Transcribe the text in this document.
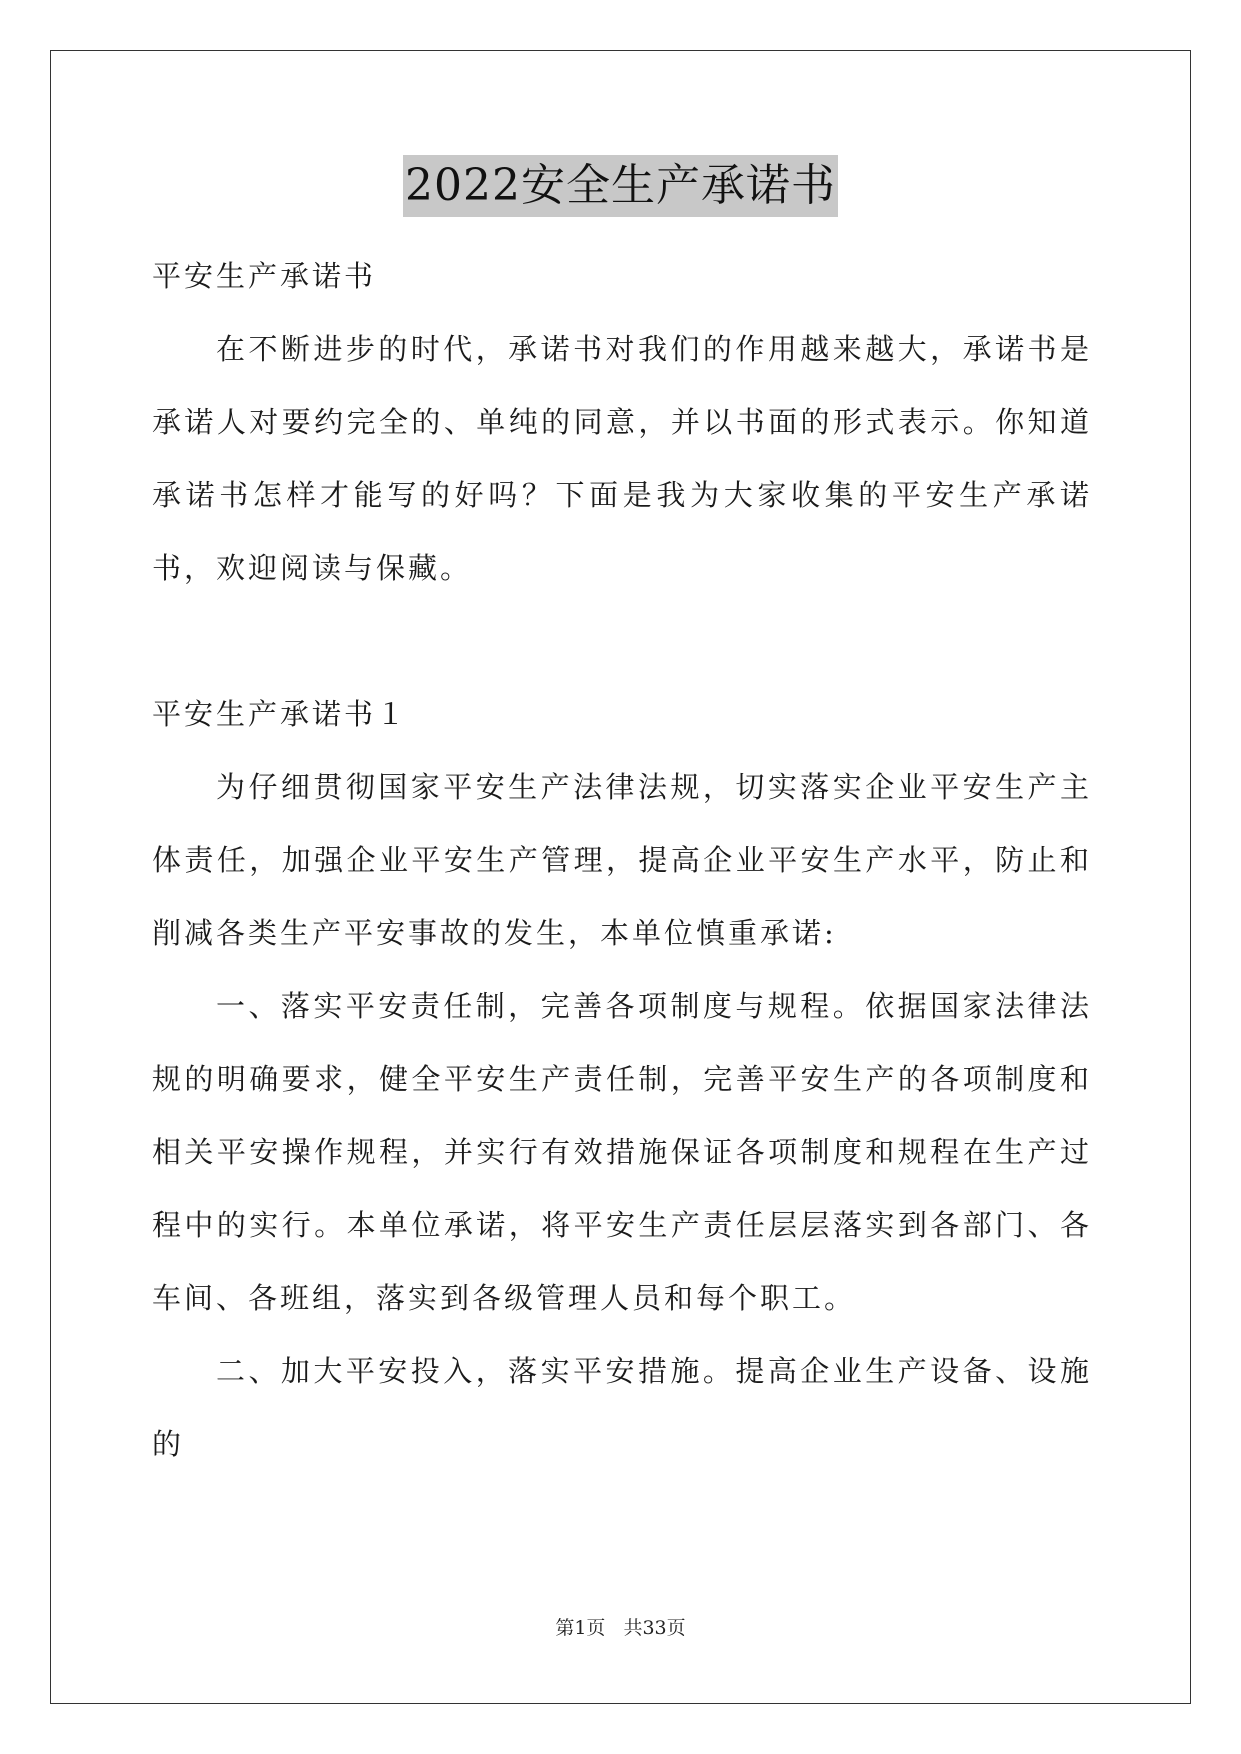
2022安全生产承诺书

平安生产承诺书

在不断进步的时代，承诺书对我们的作用越来越大，承诺书是承诺人对要约完全的、单纯的同意，并以书面的形式表示。你知道承诺书怎样才能写的好吗？下面是我为大家收集的平安生产承诺书，欢迎阅读与保藏。

平安生产承诺书１

为仔细贯彻国家平安生产法律法规，切实落实企业平安生产主体责任，加强企业平安生产管理，提高企业平安生产水平，防止和削减各类生产平安事故的发生，本单位慎重承诺:

一、落实平安责任制，完善各项制度与规程。依据国家法律法规的明确要求，健全平安生产责任制，完善平安生产的各项制度和相关平安操作规程，并实行有效措施保证各项制度和规程在生产过程中的实行。本单位承诺，将平安生产责任层层落实到各部门、各车间、各班组，落实到各级管理人员和每个职工。

二、加大平安投入，落实平安措施。提高企业生产设备、设施的

第1页 共33页
